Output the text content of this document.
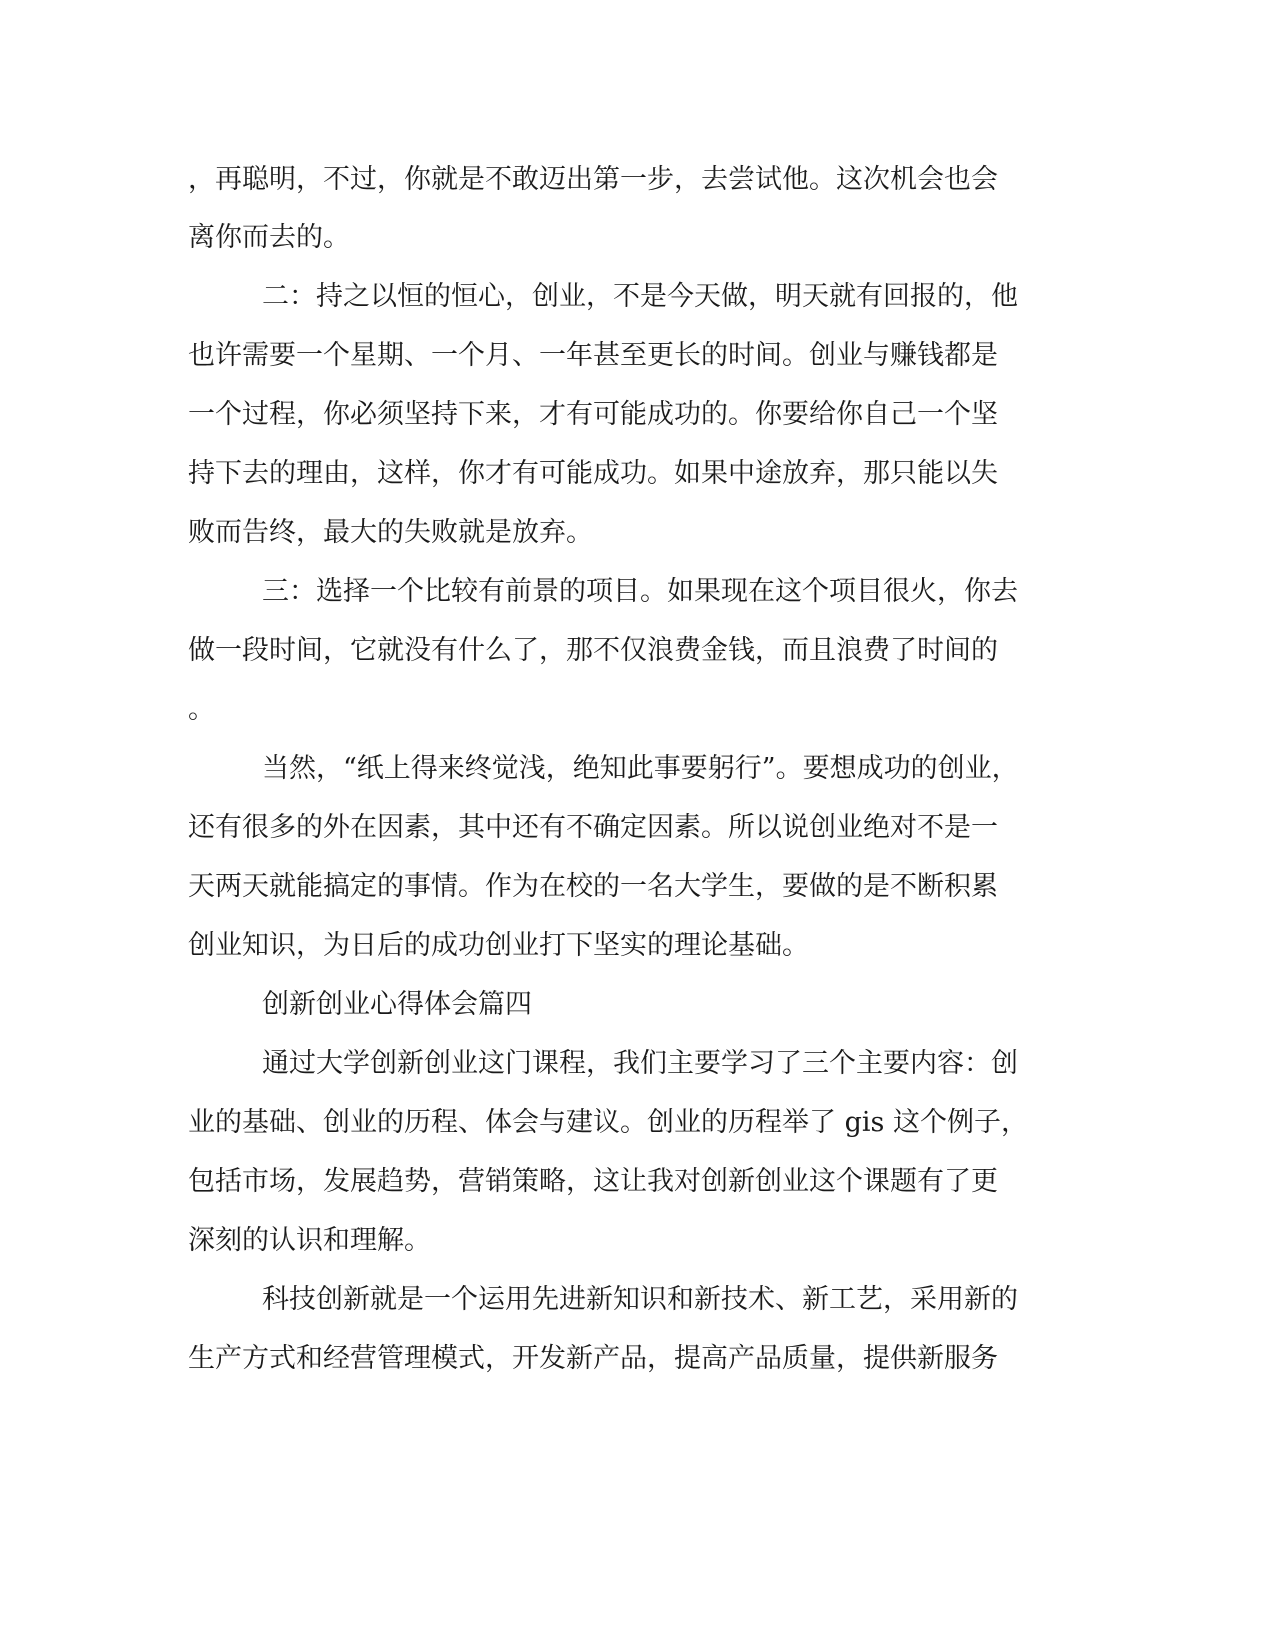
，再聪明，不过，你就是不敢迈出第一步，去尝试他。这次机会也会
离你而去的。
二：持之以恒的恒心，创业，不是今天做，明天就有回报的，他
也许需要一个星期、一个月、一年甚至更长的时间。创业与赚钱都是
一个过程，你必须坚持下来，才有可能成功的。你要给你自己一个坚
持下去的理由，这样，你才有可能成功。如果中途放弃，那只能以失
败而告终，最大的失败就是放弃。
三：选择一个比较有前景的项目。如果现在这个项目很火，你去
做一段时间，它就没有什么了，那不仅浪费金钱，而且浪费了时间的
。
当然，“纸上得来终觉浅，绝知此事要躬行”。要想成功的创业，
还有很多的外在因素，其中还有不确定因素。所以说创业绝对不是一
天两天就能搞定的事情。作为在校的一名大学生，要做的是不断积累
创业知识，为日后的成功创业打下坚实的理论基础。
创新创业心得体会篇四
通过大学创新创业这门课程，我们主要学习了三个主要内容：创
业的基础、创业的历程、体会与建议。创业的历程举了 gis 这个例子，
包括市场，发展趋势，营销策略，这让我对创新创业这个课题有了更
深刻的认识和理解。
科技创新就是一个运用先进新知识和新技术、新工艺，采用新的
生产方式和经营管理模式，开发新产品，提高产品质量，提供新服务
